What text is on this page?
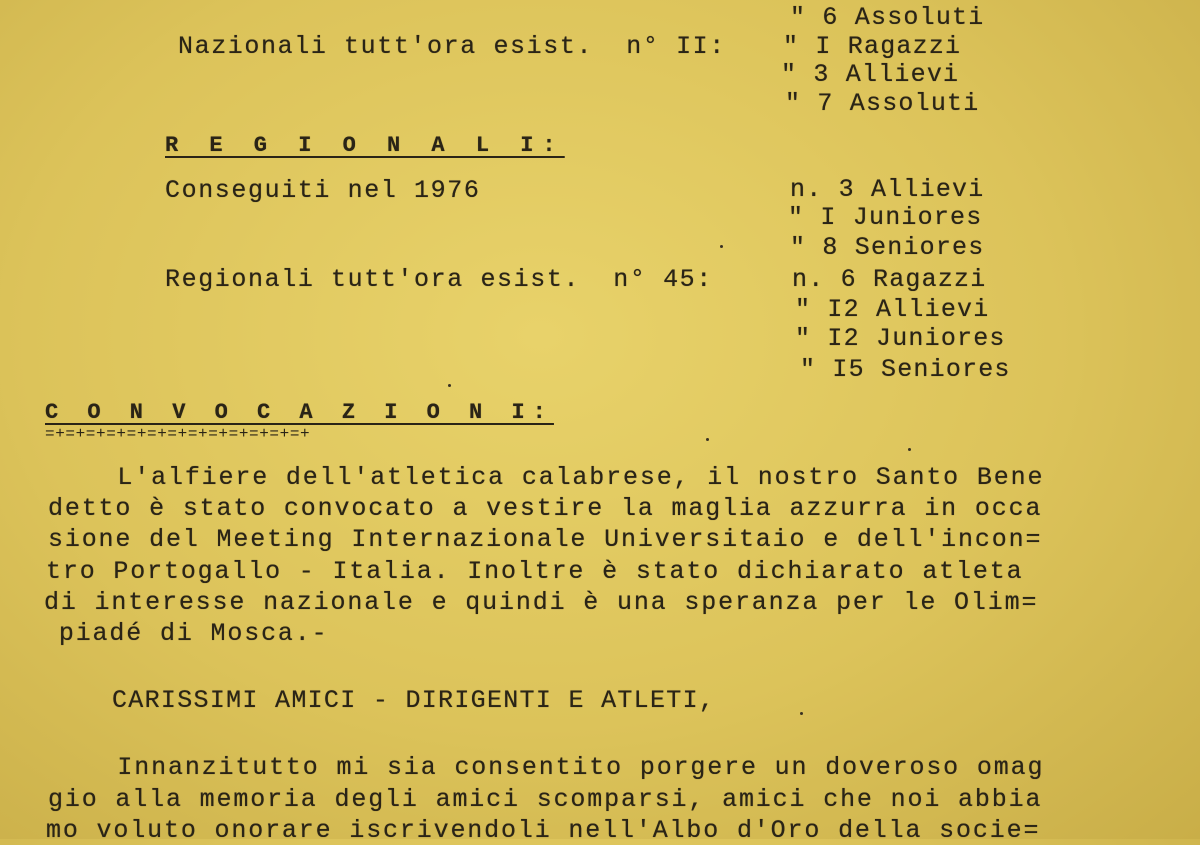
" 6 Assoluti
Nazionali tutt'ora esist.  n° II: " I Ragazzi
" 3 Allievi
" 7 Assoluti
R E G I O N A L I:
Conseguiti nel 1976	n. 3 Allievi
" I Juniores
" 8 Seniores
Regionali tutt'ora esist.  n° 45:	n. 6 Ragazzi
" I2 Allievi
" I2 Juniores
" I5 Seniores
C O N V O C A Z I O N I:
=+=+=+=+=+=+=+=+=+=+=+=+=+
L'alfiere dell'atletica calabrese, il nostro Santo Bene
detto è stato convocato a vestire la maglia azzurra in occa
sione del Meeting Internazionale Universitaio e dell'incon=
tro Portogallo - Italia. Inoltre è stato dichiarato atleta
di interesse nazionale e quindi è una speranza per le Olim=
piadé di Mosca.-
CARISSIMI AMICI - DIRIGENTI E ATLETI,
Innanzitutto mi sia consentito porgere un doveroso omag
gio alla memoria degli amici scomparsi, amici che noi abbia
mo voluto onorare iscrivendoli nell'Albo d'Oro della socie=
